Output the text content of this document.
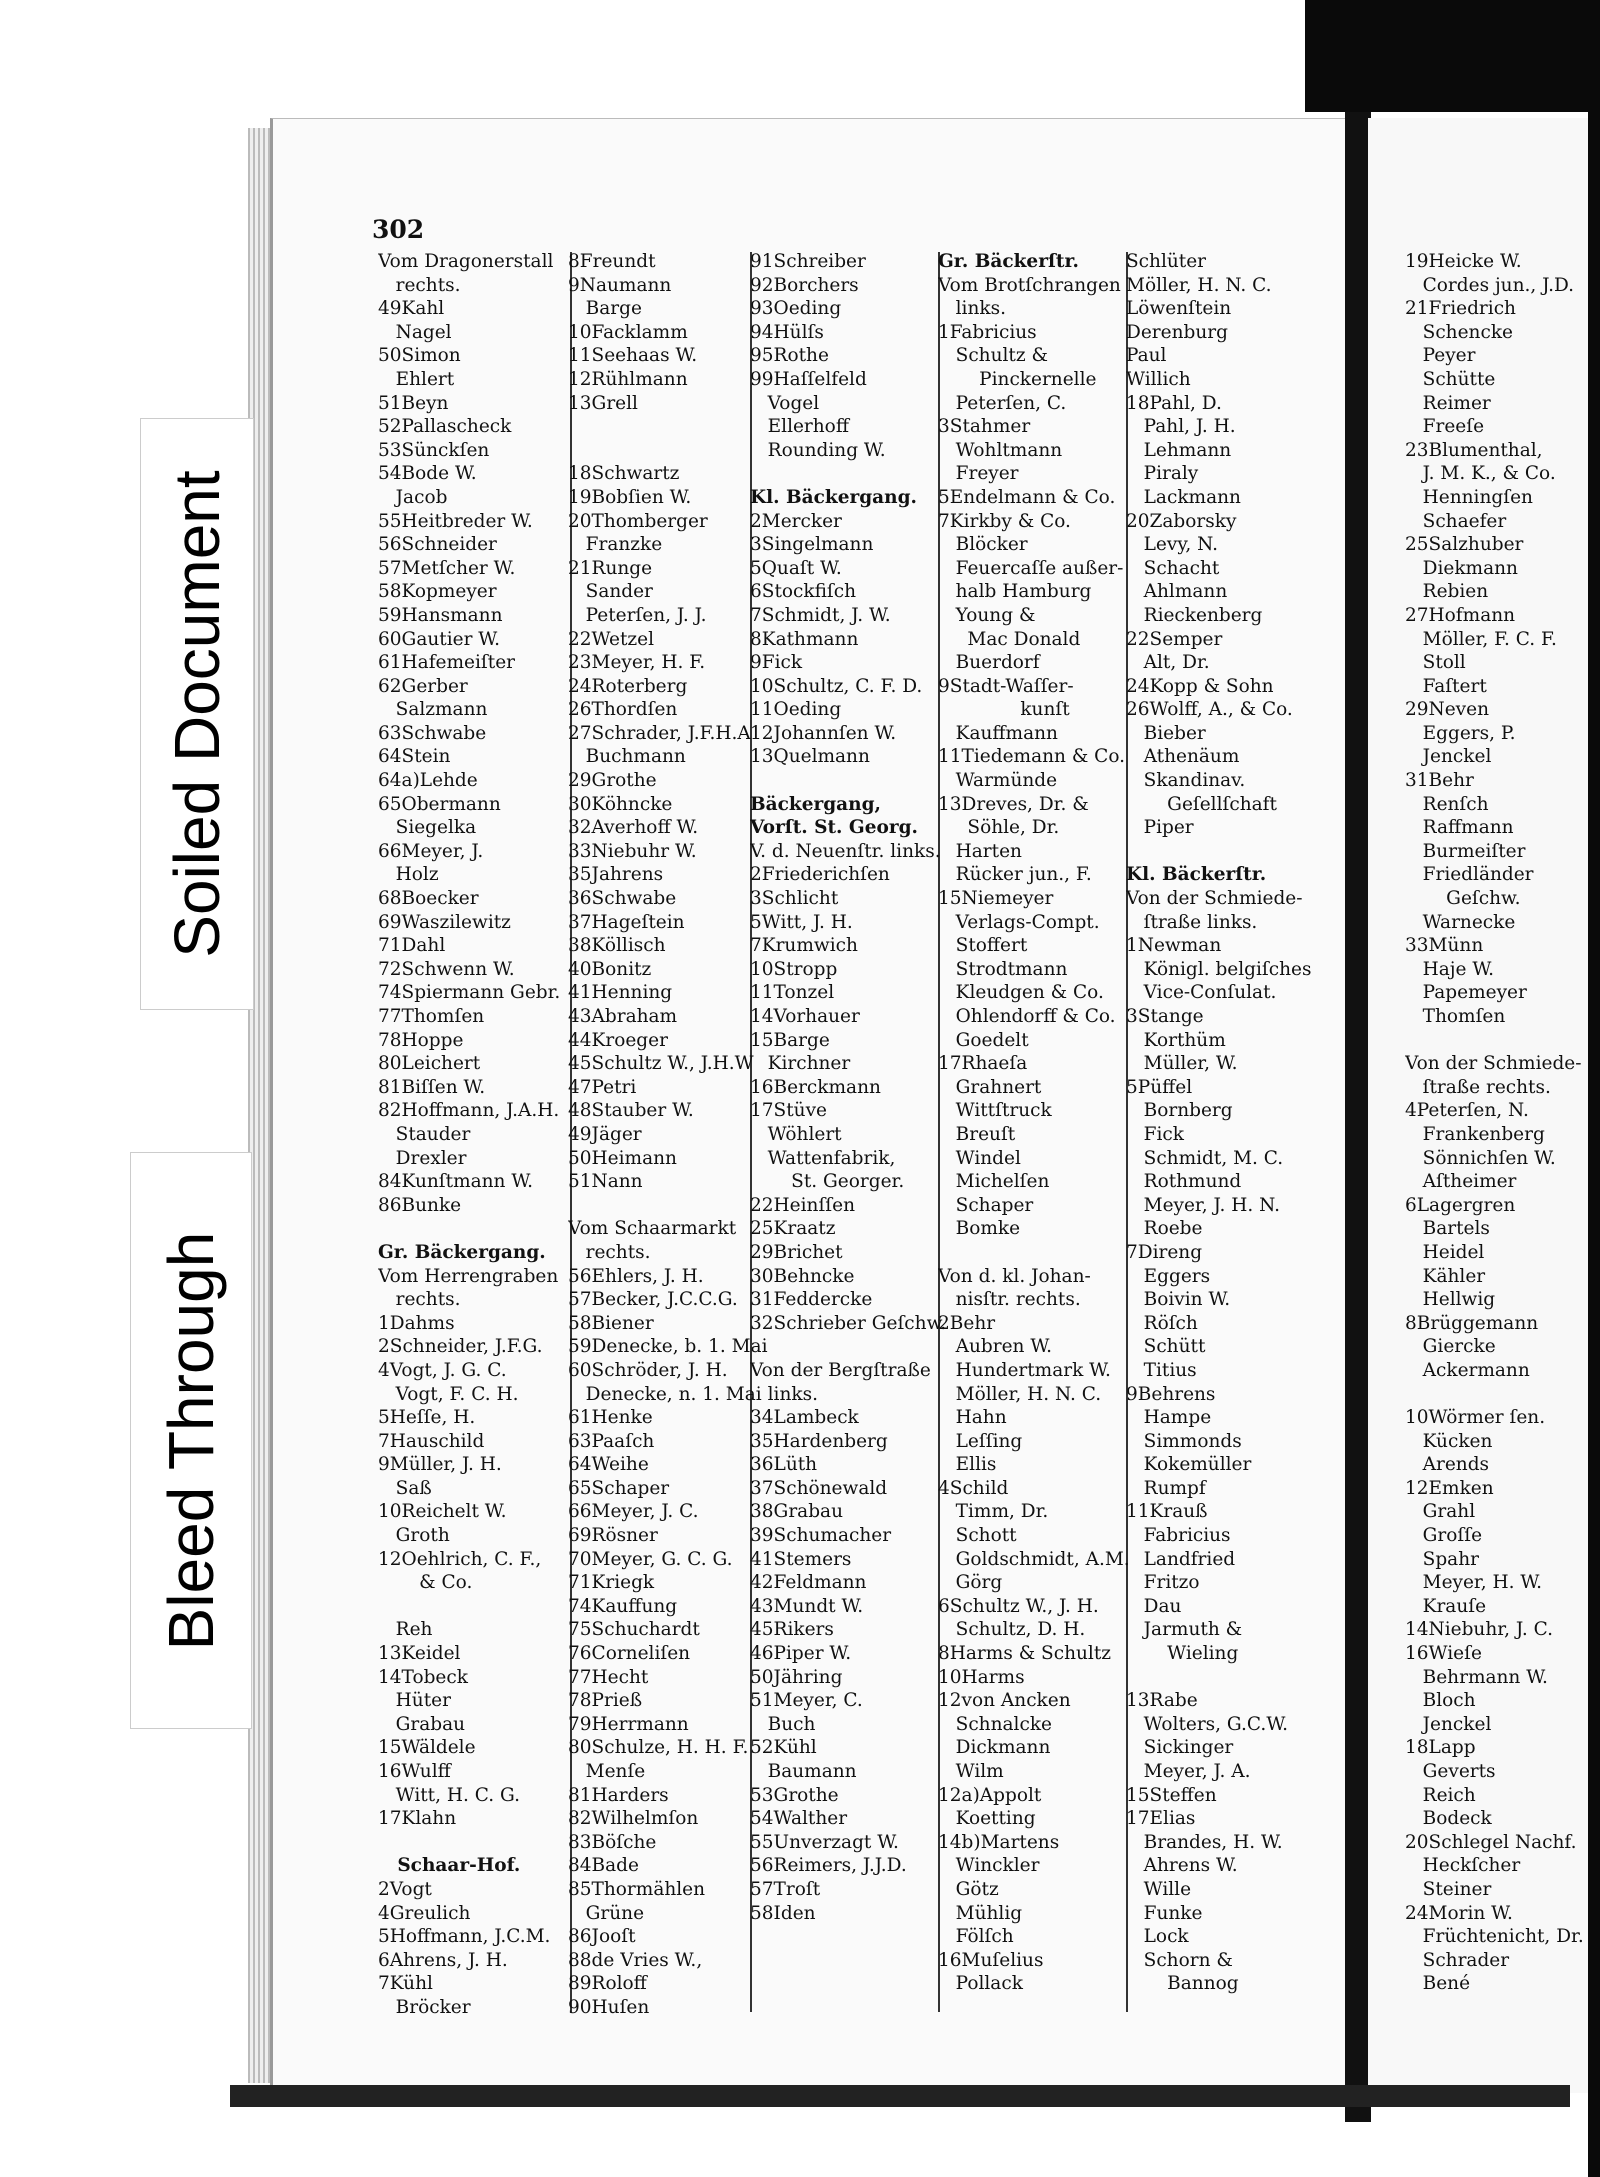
Soiled Document
Bleed Through
302
Vom Dragonerstall
rechts.
49Kahl
Nagel
50Simon
Ehlert
51Beyn
52Pallascheck
53Sünckſen
54Bode W.
Jacob
55Heitbreder W.
56Schneider
57Metſcher W.
58Kopmeyer
59Hansmann
60Gautier W.
61Hafemeiſter
62Gerber
Salzmann
63Schwabe
64Stein
64a)Lehde
65Obermann
Siegelka
66Meyer, J.
Holz
68Boecker
69Waszilewitz
71Dahl
72Schwenn W.
74Spiermann Gebr.
77Thomſen
78Hoppe
80Leichert
81Biſſen W.
82Hoffmann, J.A.H.
Stauder
Drexler
84Kunſtmann W.
86Bunke
Gr. Bäckergang.
Vom Herrengraben
rechts.
1Dahms
2Schneider, J.F.G.
4Vogt, J. G. C.
Vogt, F. C. H.
5Heſſe, H.
7Hauschild
9Müller, J. H.
Saß
10Reichelt W.
Groth
12Oehlrich, C. F.,
& Co.
Reh
13Keidel
14Tobeck
Hüter
Grabau
15Wäldele
16Wulff
Witt, H. C. G.
17Klahn
Schaar-Hof.
2Vogt
4Greulich
5Hoffmann, J.C.M.
6Ahrens, J. H.
7Kühl
Bröcker
8Freundt
9Naumann
Barge
10Facklamm
11Seehaas W.
12Rühlmann
13Grell
18Schwartz
19Bobſien W.
20Thomberger
Franzke
21Runge
Sander
Peterſen, J. J.
22Wetzel
23Meyer, H. F.
24Roterberg
26Thordſen
27Schrader, J.F.H.A
Buchmann
29Grothe
30Köhncke
32Averhoff W.
33Niebuhr W.
35Jahrens
36Schwabe
37Hageſtein
38Köllisch
40Bonitz
41Henning
43Abraham
44Kroeger
45Schultz W., J.H.W
47Petri
48Stauber W.
49Jäger
50Heimann
51Nann
Vom Schaarmarkt
rechts.
56Ehlers, J. H.
57Becker, J.C.C.G.
58Biener
59Denecke, b. 1. Mai
60Schröder, J. H.
Denecke, n. 1. Mai
61Henke
63Paaſch
64Weihe
65Schaper
66Meyer, J. C.
69Rösner
70Meyer, G. C. G.
71Kriegk
74Kauffung
75Schuchardt
76Corneliſen
77Hecht
78Prieß
79Herrmann
80Schulze, H. H. F.
Menſe
81Harders
82Wilhelmſon
83Böſche
84Bade
85Thormählen
Grüne
86Jooſt
88de Vries W.,
89Roloff
90Huſen
91Schreiber
92Borchers
93Oeding
94Hülſs
95Rothe
99Haſſelfeld
Vogel
Ellerhoff
Rounding W.
Kl. Bäckergang.
2Mercker
3Singelmann
5Quaſt W.
6Stockfiſch
7Schmidt, J. W.
8Kathmann
9Fick
10Schultz, C. F. D.
11Oeding
12Johannſen W.
13Quelmann
Bäckergang,
Vorſt. St. Georg.
V. d. Neuenſtr. links.
2Friederichſen
3Schlicht
5Witt, J. H.
7Krumwich
10Stropp
11Tonzel
14Vorhauer
15Barge
Kirchner
16Berckmann
17Stüve
Wöhlert
Wattenfabrik,
St. Georger.
22Heinſſen
25Kraatz
29Brichet
30Behncke
31Feddercke
32Schrieber Geſchw.
Von der Bergſtraße
links.
34Lambeck
35Hardenberg
36Lüth
37Schönewald
38Grabau
39Schumacher
41Stemers
42Feldmann
43Mundt W.
45Rikers
46Piper W.
50Jähring
51Meyer, C.
Buch
52Kühl
Baumann
53Grothe
54Walther
55Unverzagt W.
56Reimers, J.J.D.
57Troſt
58Iden
Gr. Bäckerſtr.
Vom Brotſchrangen
links.
1Fabricius
Schultz &
Pinckernelle
Peterſen, C.
3Stahmer
Wohltmann
Freyer
5Endelmann & Co.
7Kirkby & Co.
Blöcker
Feuercaſſe außer-
halb Hamburg
Young &
Mac Donald
Buerdorf
9Stadt-Waſſer-
kunſt
Kauffmann
11Tiedemann & Co.
Warmünde
13Dreves, Dr. &
Söhle, Dr.
Harten
Rücker jun., F.
15Niemeyer
Verlags-Compt.
Stoffert
Strodtmann
Kleudgen & Co.
Ohlendorff & Co.
Goedelt
17Rhaeſa
Grahnert
Wittſtruck
Breuſt
Windel
Michelſen
Schaper
Bomke
Von d. kl. Johan-
nisſtr. rechts.
2Behr
Aubren W.
Hundertmark W.
Möller, H. N. C.
Hahn
Leſſing
Ellis
4Schild
Timm, Dr.
Schott
Goldschmidt, A.M.
Görg
6Schultz W., J. H.
Schultz, D. H.
8Harms & Schultz
10Harms
12von Ancken
Schnalcke
Dickmann
Wilm
12a)Appolt
Koetting
14b)Martens
Winckler
Götz
Mühlig
Fölſch
16Muſelius
Pollack
Schlüter
Möller, H. N. C.
Löwenſtein
Derenburg
Paul
Willich
18Pahl, D.
Pahl, J. H.
Lehmann
Piraly
Lackmann
20Zaborsky
Levy, N.
Schacht
Ahlmann
Rieckenberg
22Semper
Alt, Dr.
24Kopp & Sohn
26Wolff, A., & Co.
Bieber
Athenäum
Skandinav.
Geſellſchaft
Piper
Kl. Bäckerſtr.
Von der Schmiede-
ſtraße links.
1Newman
Königl. belgiſches
Vice-Conſulat.
3Stange
Korthüm
Müller, W.
5Püffel
Bornberg
Fick
Schmidt, M. C.
Rothmund
Meyer, J. H. N.
Roebe
7Direng
Eggers
Boivin W.
Röſch
Schütt
Titius
9Behrens
Hampe
Simmonds
Kokemüller
Rumpf
11Krauß
Fabricius
Landfried
Fritzo
Dau
Jarmuth &
Wieling
13Rabe
Wolters, G.C.W.
Sickinger
Meyer, J. A.
15Steffen
17Elias
Brandes, H. W.
Ahrens W.
Wille
Funke
Lock
Schorn &
Bannog
19Heicke W.
Cordes jun., J.D.
21Friedrich
Schencke
Peyer
Schütte
Reimer
Freeſe
23Blumenthal,
J. M. K., & Co.
Henningſen
Schaefer
25Salzhuber
Diekmann
Rebien
27Hofmann
Möller, F. C. F.
Stoll
Faſtert
29Neven
Eggers, P.
Jenckel
31Behr
Renſch
Raffmann
Burmeiſter
Friedländer
Geſchw.
Warnecke
33Münn
Haje W.
Papemeyer
Thomſen
Von der Schmiede-
ſtraße rechts.
4Peterſen, N.
Frankenberg
Sönnichſen W.
Aſtheimer
6Lagergren
Bartels
Heidel
Kähler
Hellwig
8Brüggemann
Giercke
Ackermann
10Wörmer ſen.
Kücken
Arends
12Emken
Grahl
Groſſe
Spahr
Meyer, H. W.
Krauſe
14Niebuhr, J. C.
16Wieſe
Behrmann W.
Bloch
Jenckel
18Lapp
Geverts
Reich
Bodeck
20Schlegel Nachf.
Heckſcher
Steiner
24Morin W.
Früchtenicht, Dr.
Schrader
Bené
